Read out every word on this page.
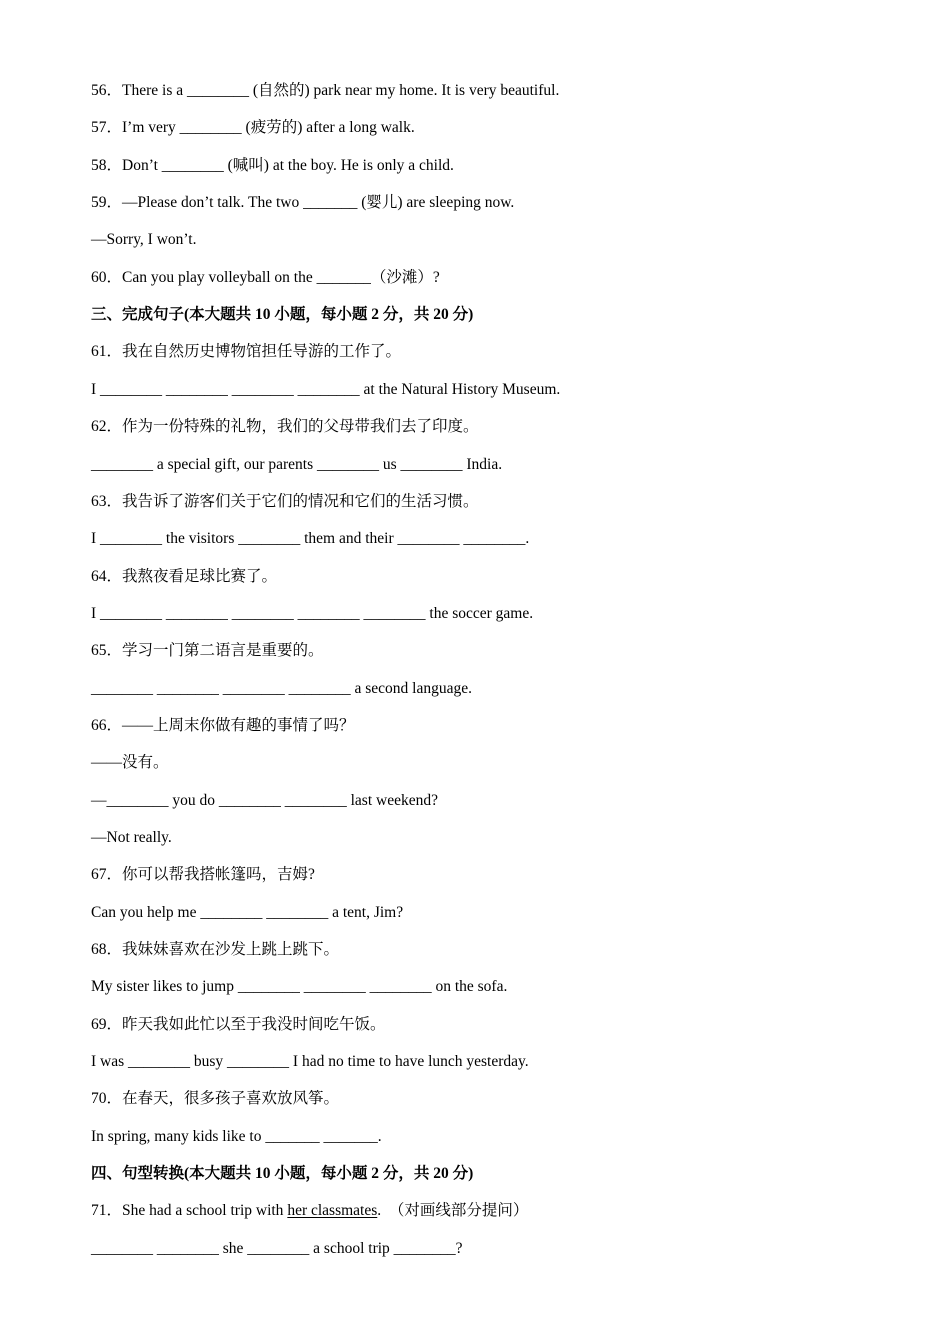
56．There is a ________ (自然的) park near my home. It is very beautiful.
57．I’m very ________ (疲劳的) after a long walk.
58．Don’t ________ (喊叫) at the boy. He is only a child.
59．—Please don’t talk. The two _______ (婴儿) are sleeping now.
—Sorry, I won’t.
60．Can you play volleyball on the _______（沙滩）?
三、完成句子(本大题共 10 小题，每小题 2 分，共 20 分)
61．我在自然历史博物馆担任导游的工作了。
I ________ ________ ________ ________ at the Natural History Museum.
62．作为一份特殊的礼物，我们的父母带我们去了印度。
________ a special gift, our parents ________ us ________ India.
63．我告诉了游客们关于它们的情况和它们的生活习惯。
I ________ the visitors ________ them and their ________ ________.
64．我熬夜看足球比赛了。
I ________ ________ ________ ________ ________ the soccer game.
65．学习一门第二语言是重要的。
________ ________ ________ ________ a second language.
66．——上周末你做有趣的事情了吗？
——没有。
—________ you do ________ ________ last weekend?
—Not really.
67．你可以帮我搭帐篷吗，吉姆?
Can you help me ________ ________ a tent, Jim?
68．我妹妹喜欢在沙发上跳上跳下。
My sister likes to jump ________ ________ ________ on the sofa.
69．昨天我如此忙以至于我没时间吃午饭。
I was ________ busy ________ I had no time to have lunch yesterday.
70．在春天，很多孩子喜欢放风筝。
In spring, many kids like to _______ _______.
四、句型转换(本大题共 10 小题，每小题 2 分，共 20 分)
71．She had a school trip with her classmates.  （对画线部分提问）
________ ________ she ________ a school trip ________?
